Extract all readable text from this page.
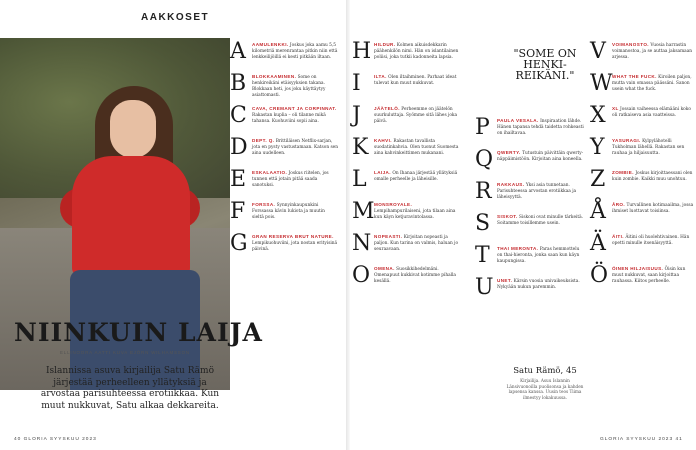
AAKKOSET
NIINKUIN LAIJA
ELLINOORA AATTI KUVA BJÖRN WILHAMSSON
Islannissa asuva kirjailija Satu Rämö järjestää perheelleen yllätyksiä ja arvostaa parisuhteessa erotiikkaa. Kun muut nukkuvat, Satu alkaa dekkareita.
40 GLORIA SYYSKUU 2023
A AAMULENKKI. Joskus joka aamu 5,5 kilometriä merenrantaa pitkin niin että lenkkeilijöillä ei kesti pitkään iltaan.
B BLOKKAAMINEN. Some on henkireikäni etäisyyksien takana. Blokkaan heti, jos joku käyttäytyy asiattomasti.
C CAVA, CREMANT JA CORPINNAT. Rakastan kuplia – oli tilanne mikä tahansa. Kuohuviini sopii aina.
D DEPT. Q. Brittiläisen Netflix-sarjan, jota en pysty vastustamaan. Katson sen aina uudelleen.
E ESKALAATIO. Joskus riitelen, jos tunnen että jotain pitää saada sanotuksi.
F FORSSA. Synnyinkaupunkini Forssassa kävin lukiota ja muutin sieltä pois.
G GRAN RESERVA BRUT NATURE. Lempikuohuviini, jota nostan erityisinä päivinä.
H HILDUR. Kolmen aikuisdekkarin päähenkilön nimi. Hän on islantilainen poliisi, joka tutkii kadonneita lapsia.
I	ILTA. Olen iltaihminen. Parhaat ideat tulevat kun muut nukkuvat.
J	JÄÄTELÖ. Perheemme on jäätelön suurkuluttaja. Syömme sitä lähes joka päivä.
K KAHVI. Rakastan tavallista suodatinkahvia. Olen tuonut Suomesta aina kahvinkeittimen mukanani.
L LAIJA. On Ihanaa järjestää yllätyksiä omalle perheelle ja läheisille.
M MONSROYALE. Lempihampurilaiseni, jota tilaan aina kun käyn ketjuravintolassa.
N NOPEASTI. Kirjoitan nopeasti ja paljon. Kun tarina on valmis, haluan jo seuraavaan.
O OMENA. Suosikkihedelmäni. Omenapuut kukkivat kotimme pihalla kesällä.
P PAULA VESALA. Inspiraation lähde. Hänen tapansa tehdä taidetta rohkeasti on ihailtavaa.
Q QWERTY. Tutustuin päivittäin qwerty-näppäimistöön. Kirjoitan aina koneella.
R RAKKAUS. Yksi asia tunnetaan. Parisuhteessa arvostan erotiikkaa ja läheisyyttä.
S SISKOT. Siskoni ovat minulle tärkeitä. Soitamme toisillemme usein.
T THAI MERONTA. Paras hemmottelu on thai-hieronta, jonka saan kun käyn kaupungissa.
U UNET. Kärsin vuosia univaikeuksista. Nykyään nukun paremmin.
V VOIMANOSTO. Vuosia harrastin voimanostoa, ja se auttaa jaksamaan arjessa.
W WHAT THE FUCK. Kiroilen paljon, mutta vain omassa päässäni. Sanon usein what the fuck.
X XL Jossain vaiheessa elämääni koko oli ratkaiseva asia vaatteissa.
Y YASURAGI. Kylpylähotelli Tukholman lähellä. Rakastan sen rauhaa ja hiljaisuutta.
Z ZOMBIE. Joskus kirjoittaessani olen kuin zombie. Kaikki muu unohtuu.
Å ÅRO. Turvallinen kotimaailma, jossa ihmiset luottavat toisiinsa.
Ä ÄITI. Äitini oli huolehtivainen. Hän opetti minulle itsenäisyyttä.
Ö ÖINEN HILJAISUUS. Öisin kun muut nukkuvat, saan kirjoittaa rauhassa. Kiitos perheelle.
GLORIA SYYSKUU 2023 41
"SOME ON HENKI-REIKÄNI."
Satu Rämö, 45
Kirjailija. Asuu Islannin Länsivuonoilla puolisonsa ja kahden lapsensa kanssa. Uusin teos Tiima ilmestyy lokakuussa.
